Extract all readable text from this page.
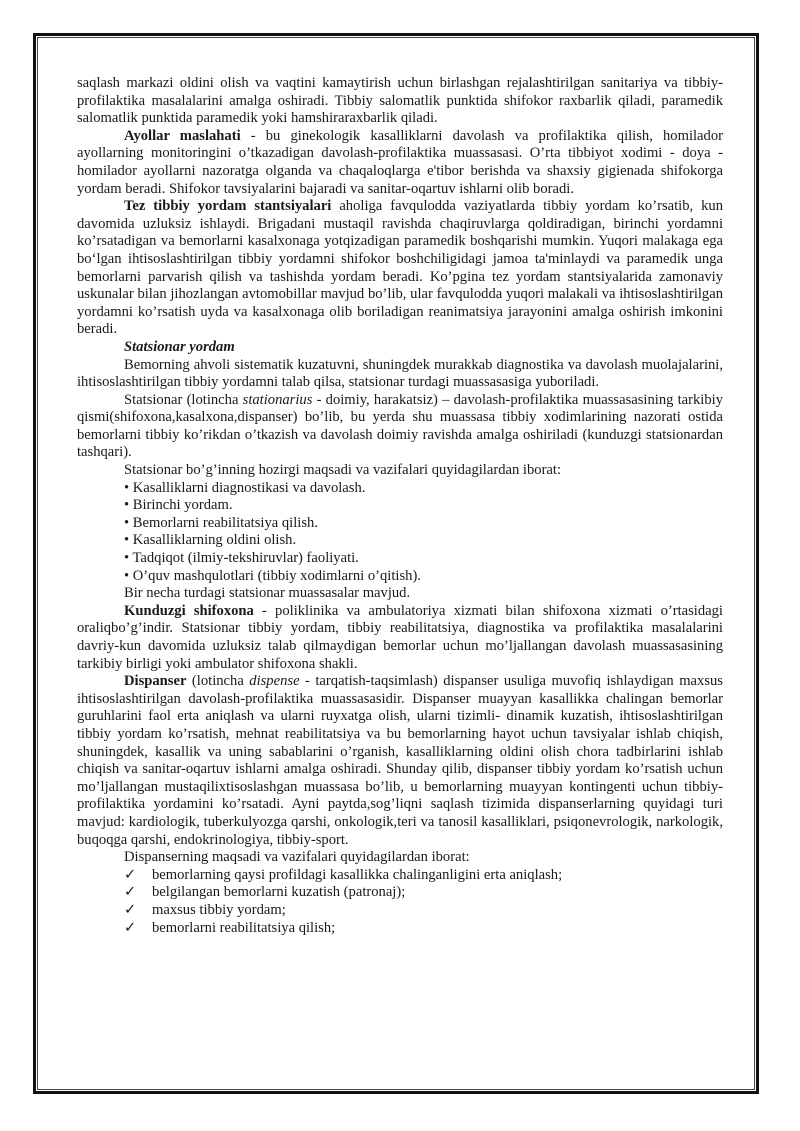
saqlash markazi oldini olish va vaqtini kamaytirish uchun birlashgan rejalashtirilgan sanitariya va tibbiy-profilaktika masalalarini amalga oshiradi. Tibbiy salomatlik punktida shifokor raxbarlik qiladi, paramedik salomatlik punktida paramedik yoki hamshiraraxbarlik qiladi.

Ayollar maslahati - bu ginekologik kasalliklarni davolash va profilaktika qilish, homilador ayollarning monitoringini o’tkazadigan davolash-profilaktika muassasasi. O’rta tibbiyot xodimi - doya - homilador ayollarni nazoratga olganda va chaqaloqlarga e'tibor berishda va shaxsiy gigienada shifokorga yordam beradi. Shifokor tavsiyalarini bajaradi va sanitar-oqartuv ishlarni olib boradi.

Tez tibbiy yordam stantsiyalari aholiga favqulodda vaziyatlarda tibbiy yordam ko’rsatib, kun davomida uzluksiz ishlaydi. Brigadani mustaqil ravishda chaqiruvlarga qoldiradigan, birinchi yordamni ko’rsatadigan va bemorlarni kasalxonaga yotqizadigan paramedik boshqarishi mumkin. Yuqori malakaga ega bo‘lgan ihtisoslashtirilgan tibbiy yordamni shifokor boshchiligidagi jamoa ta'minlaydi va paramedik unga bemorlarni parvarish qilish va tashishda yordam beradi. Ko’pgina tez yordam stantsiyalarida zamonaviy uskunalar bilan jihozlangan avtomobillar mavjud bo’lib, ular favqulodda yuqori malakali va ihtisoslashtirilgan yordamni ko’rsatish uyda va kasalxonaga olib boriladigan reanimatsiya jarayonini amalga oshirish imkonini beradi.

Statsionar yordam

Bemorning ahvoli sistematik kuzatuvni, shuningdek murakkab diagnostika va davolash muolajalarini, ihtisoslashtirilgan tibbiy yordamni talab qilsa, statsionar turdagi muassasasiga yuboriladi.

Statsionar (lotincha stationarius - doimiy, harakatsiz) – davolash-profilaktika muassasasining tarkibiy qismi(shifoxona,kasalxona,dispanser) bo’lib, bu yerda shu muassasa tibbiy xodimlarining nazorati ostida bemorlarni tibbiy ko’rikdan o’tkazish va davolash doimiy ravishda amalga oshiriladi (kunduzgi statsionardan tashqari).

Statsionar bo’g’inning hozirgi maqsadi va vazifalari quyidagilardan iborat:

• Kasalliklarni diagnostikasi va davolash.

• Birinchi yordam.

• Bemorlarni reabilitatsiya qilish.

• Kasalliklarning oldini olish.

• Tadqiqot (ilmiy-tekshiruvlar) faoliyati.

• O’quv mashqulotlari (tibbiy xodimlarni o’qitish).

Bir necha turdagi statsionar muassasalar mavjud.

Kunduzgi shifoxona - poliklinika va ambulatoriya xizmati bilan shifoxona xizmati o’rtasidagi oraliqbo’g’indir. Statsionar tibbiy yordam, tibbiy reabilitatsiya, diagnostika va profilaktika masalalarini davriy-kun davomida uzluksiz talab qilmaydigan bemorlar uchun mo’ljallangan davolash muassasasining tarkibiy birligi yoki ambulator shifoxona shakli.

Dispanser (lotincha dispense - tarqatish-taqsimlash) dispanser usuliga muvofiq ishlaydigan maxsus ihtisoslashtirilgan davolash-profilaktika muassasasidir. Dispanser muayyan kasallikka chalingan bemorlar guruhlarini faol erta aniqlash va ularni ruyxatga olish, ularni tizimli- dinamik kuzatish, ihtisoslashtirilgan tibbiy yordam ko’rsatish, mehnat reabilitatsiya va bu bemorlarning hayot uchun tavsiyalar ishlab chiqish, shuningdek, kasallik va uning sabablarini o’rganish, kasalliklarning oldini olish chora tadbirlarini ishlab chiqish va sanitar-oqartuv ishlarni amalga oshiradi. Shunday qilib, dispanser tibbiy yordam ko’rsatish uchun mo’ljallangan mustaqilixtisoslashgan muassasa bo’lib, u bemorlarning muayyan kontingenti uchun tibbiy-profilaktika yordamini ko’rsatadi. Ayni paytda,sog’liqni saqlash tizimida dispanserlarning quyidagi turi mavjud: kardiologik, tuberkulyozga qarshi, onkologik,teri va tanosil kasalliklari, psiqonevrologik, narkologik, buqoqga qarshi, endokrinologiya, tibbiy-sport.

Dispanserning maqsadi va vazifalari quyidagilardan iborat:

✓	bemorlarning qaysi profildagi kasallikka chalinganligini erta aniqlash;
✓	belgilangan bemorlarni kuzatish (patronaj);
✓	maxsus tibbiy yordam;
✓	bemorlarni reabilitatsiya qilish;
